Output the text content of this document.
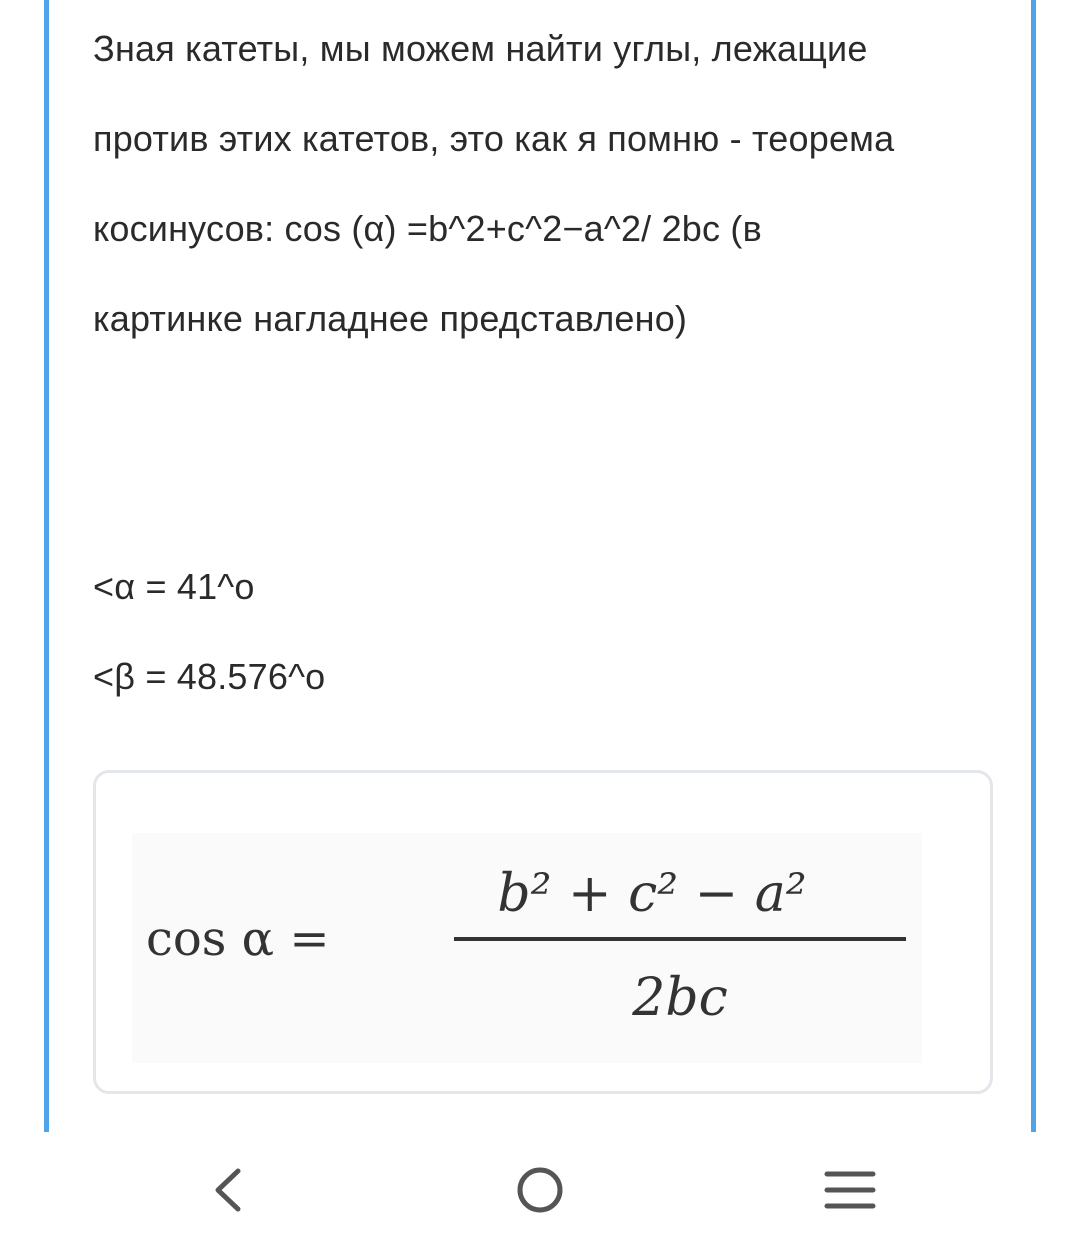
Зная катеты, мы можем найти углы, лежащие
против этих катетов, это как я помню - теорема
косинусов: cos (α) =b^2+c^2−a^2/ 2bc (в
картинке нагладнее представлено)
<α = 41^o
<β = 48.576^o
cos α =
b² + c² − a²
2bc
